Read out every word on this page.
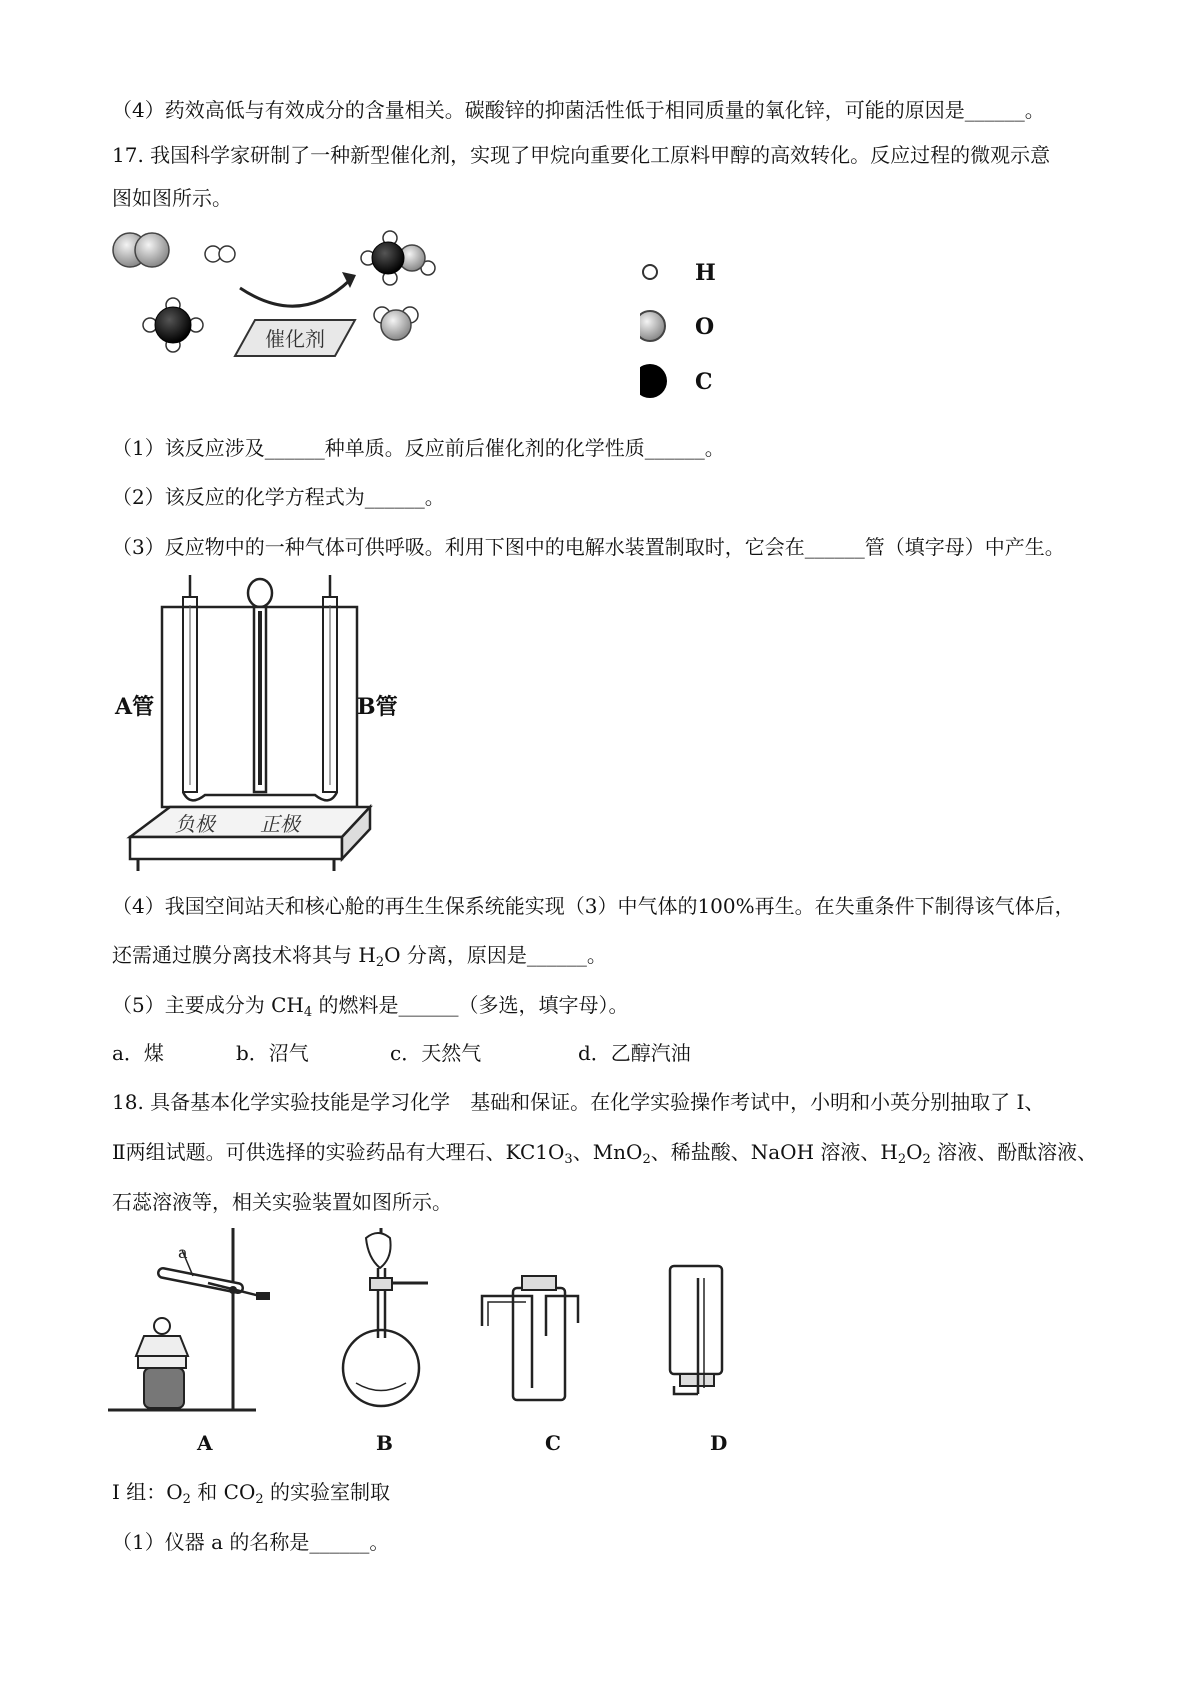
（4）药效高低与有效成分的含量相关。碳酸锌的抑菌活性低于相同质量的氧化锌，可能的原因是______。
17. 我国科学家研制了一种新型催化剂，实现了甲烷向重要化工原料甲醇的高效转化。反应过程的微观示意
图如图所示。
催化剂
H
O
C
（1）该反应涉及______种单质。反应前后催化剂的化学性质______。
（2）该反应的化学方程式为______。
（3）反应物中的一种气体可供呼吸。利用下图中的电解水装置制取时，它会在______管（填字母）中产生。
负极 正极
A管	B管
（4）我国空间站天和核心舱的再生生保系统能实现（3）中气体的100%再生。在失重条件下制得该气体后，
还需通过膜分离技术将其与 $H_2O$ 分离，原因是______。
（5）主要成分为 $CH_4$ 的燃料是______（多选，填字母）。
a．煤	b．沼气	c．天然气	d．乙醇汽油
18. 具备基本化学实验技能是学习化学　基础和保证。在化学实验操作考试中，小明和小英分别抽取了 I、
Ⅱ两组试题。可供选择的实验药品有大理石、$KC1O_3$、MnO$_2$、稀盐酸、NaOH 溶液、$H_2O_2$ 溶液、酚酞溶液、
石蕊溶液等，相关实验装置如图所示。
a
A	B	C	D
I 组：$O_2$ 和 $CO_2$ 的实验室制取
（1）仪器 a 的名称是______。
